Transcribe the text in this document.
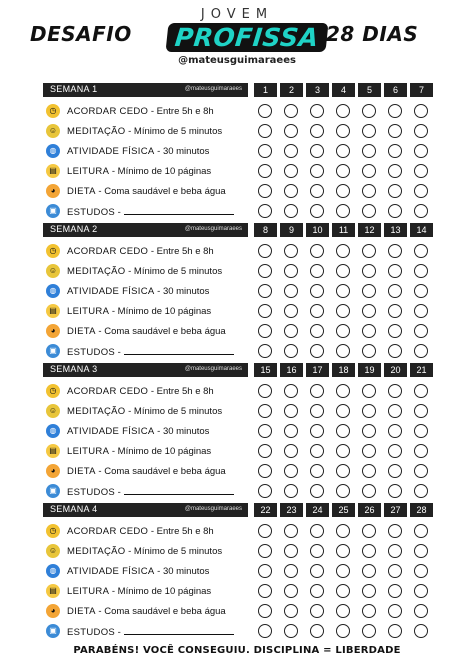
DESAFIO
JOVEM
PROFISSA
@mateusguimaraees
28 DIAS
SEMANA 1	@mateusguimaraees	1	2	3	4	5	6	7
◷	ACORDAR CEDO - Entre 5h e 8h
☺	MEDITAÇÃO - Mínimo de 5 minutos
◍	ATIVIDADE FÍSICA - 30 minutos
▤	LEITURA - Mínimo de 10 páginas
◕	DIETA - Coma saudável e beba água
▣	ESTUDOS -
SEMANA 2	@mateusguimaraees	8	9	10	11	12	13	14
◷	ACORDAR CEDO - Entre 5h e 8h
☺	MEDITAÇÃO - Mínimo de 5 minutos
◍	ATIVIDADE FÍSICA - 30 minutos
▤	LEITURA - Mínimo de 10 páginas
◕	DIETA - Coma saudável e beba água
▣	ESTUDOS -
SEMANA 3	@mateusguimaraees	15	16	17	18	19	20	21
◷	ACORDAR CEDO - Entre 5h e 8h
☺	MEDITAÇÃO - Mínimo de 5 minutos
◍	ATIVIDADE FÍSICA - 30 minutos
▤	LEITURA - Mínimo de 10 páginas
◕	DIETA - Coma saudável e beba água
▣	ESTUDOS -
SEMANA 4	@mateusguimaraees	22	23	24	25	26	27	28
◷	ACORDAR CEDO - Entre 5h e 8h
☺	MEDITAÇÃO - Mínimo de 5 minutos
◍	ATIVIDADE FÍSICA - 30 minutos
▤	LEITURA - Mínimo de 10 páginas
◕	DIETA - Coma saudável e beba água
▣	ESTUDOS -
PARABÉNS! VOCÊ CONSEGUIU. DISCIPLINA = LIBERDADE
